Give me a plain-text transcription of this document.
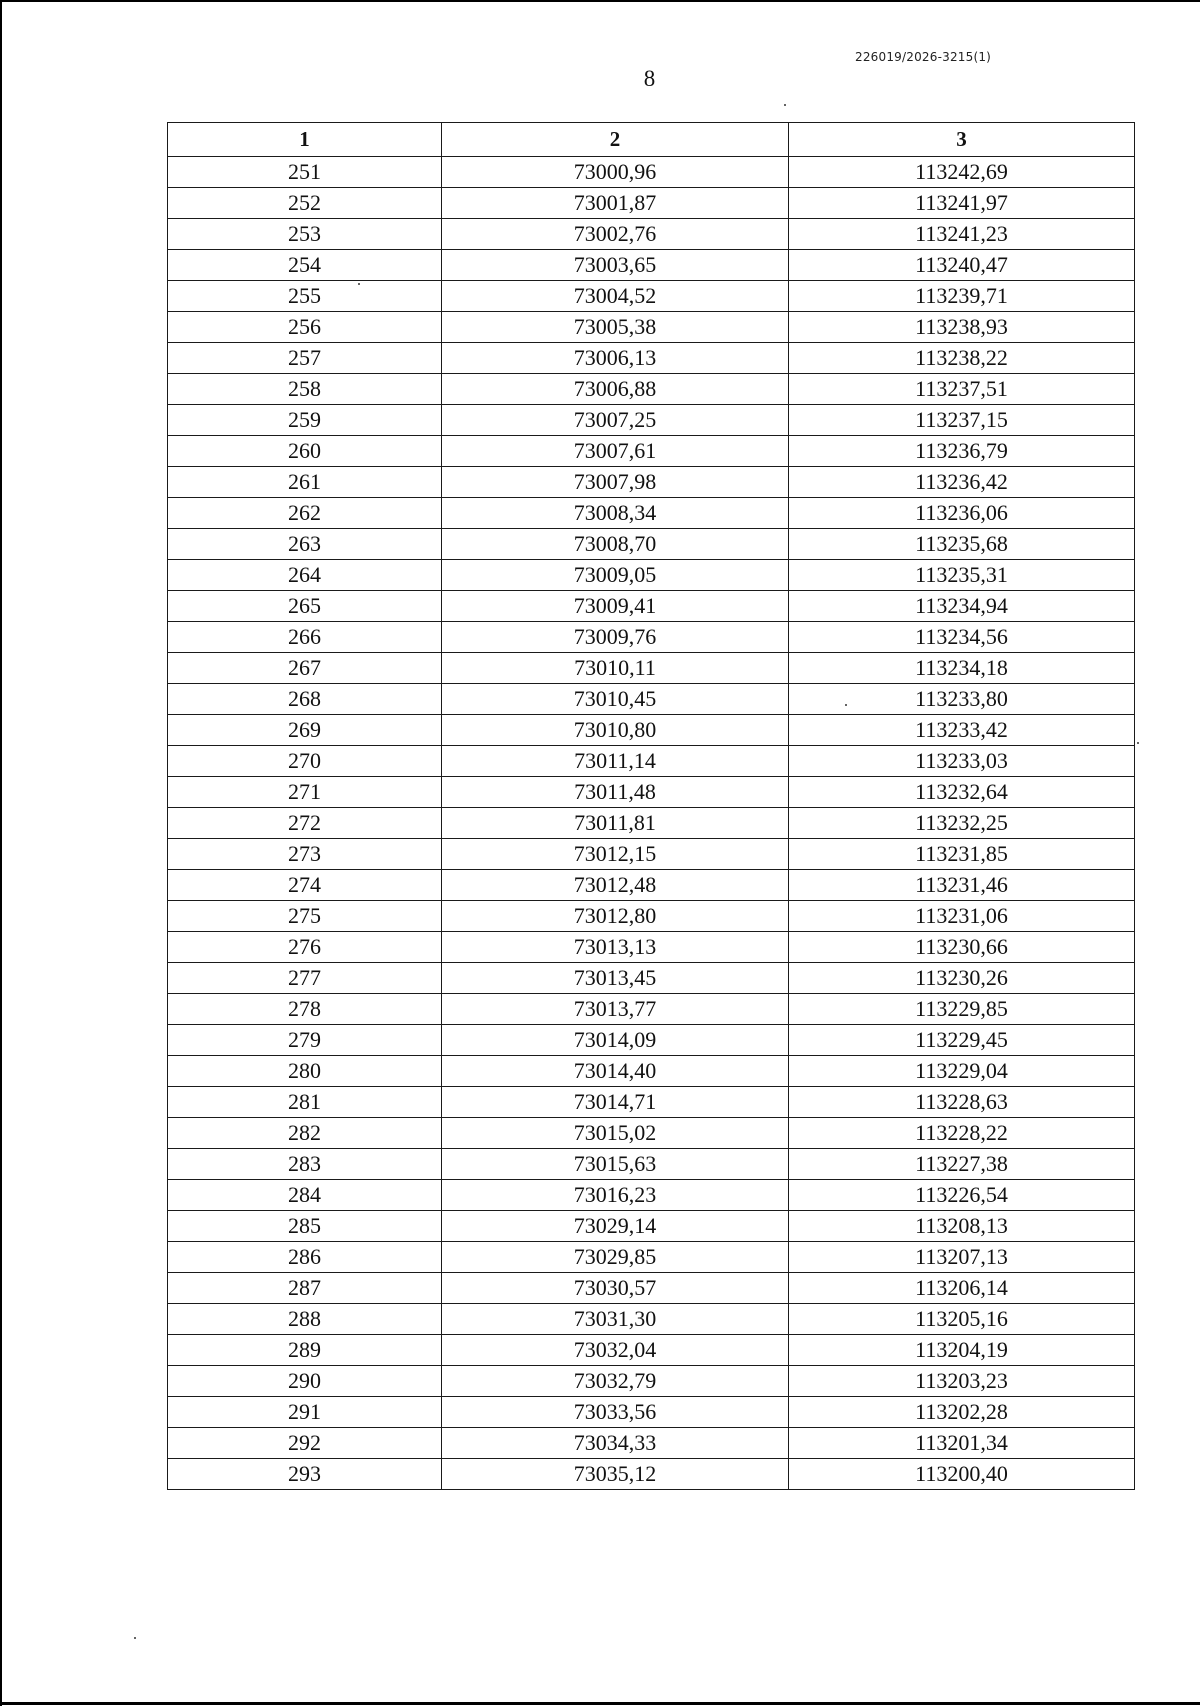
226019/2026-3215(1)
8
1	2	3
251	73000,96	113242,69
252	73001,87	113241,97
253	73002,76	113241,23
254	73003,65	113240,47
255	73004,52	113239,71
256	73005,38	113238,93
257	73006,13	113238,22
258	73006,88	113237,51
259	73007,25	113237,15
260	73007,61	113236,79
261	73007,98	113236,42
262	73008,34	113236,06
263	73008,70	113235,68
264	73009,05	113235,31
265	73009,41	113234,94
266	73009,76	113234,56
267	73010,11	113234,18
268	73010,45	113233,80
269	73010,80	113233,42
270	73011,14	113233,03
271	73011,48	113232,64
272	73011,81	113232,25
273	73012,15	113231,85
274	73012,48	113231,46
275	73012,80	113231,06
276	73013,13	113230,66
277	73013,45	113230,26
278	73013,77	113229,85
279	73014,09	113229,45
280	73014,40	113229,04
281	73014,71	113228,63
282	73015,02	113228,22
283	73015,63	113227,38
284	73016,23	113226,54
285	73029,14	113208,13
286	73029,85	113207,13
287	73030,57	113206,14
288	73031,30	113205,16
289	73032,04	113204,19
290	73032,79	113203,23
291	73033,56	113202,28
292	73034,33	113201,34
293	73035,12	113200,40
